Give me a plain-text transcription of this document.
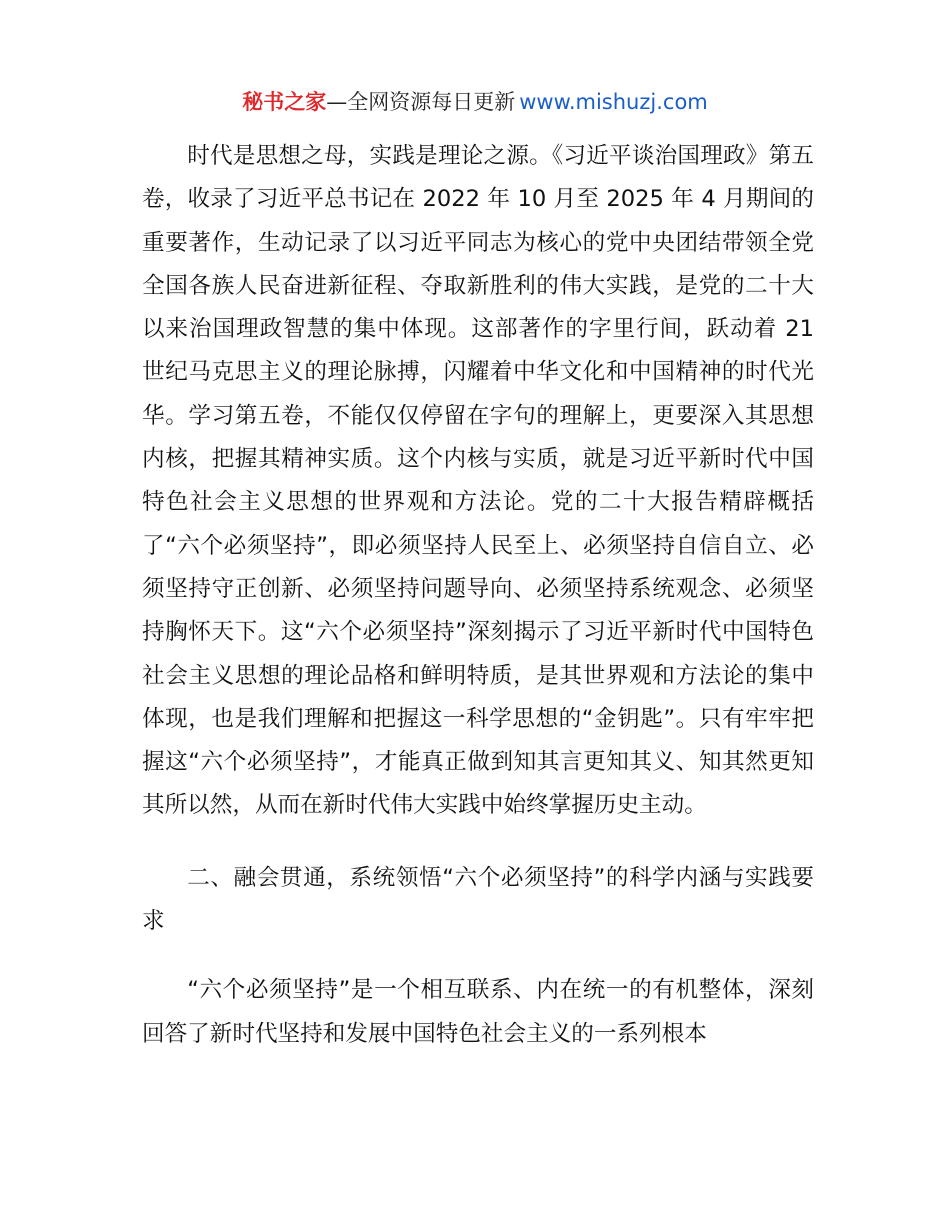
秘书之家—全网资源每日更新 www.mishuzj.com

时代是思想之母，实践是理论之源。《习近平谈治国理政》第五卷，收录了习近平总书记在 2022 年 10 月至 2025 年 4 月期间的重要著作，生动记录了以习近平同志为核心的党中央团结带领全党全国各族人民奋进新征程、夺取新胜利的伟大实践，是党的二十大以来治国理政智慧的集中体现。这部著作的字里行间，跃动着 21 世纪马克思主义的理论脉搏，闪耀着中华文化和中国精神的时代光华。学习第五卷，不能仅仅停留在字句的理解上，更要深入其思想内核，把握其精神实质。这个内核与实质，就是习近平新时代中国特色社会主义思想的世界观和方法论。党的二十大报告精辟概括了“六个必须坚持”，即必须坚持人民至上、必须坚持自信自立、必须坚持守正创新、必须坚持问题导向、必须坚持系统观念、必须坚持胸怀天下。这“六个必须坚持”深刻揭示了习近平新时代中国特色社会主义思想的理论品格和鲜明特质，是其世界观和方法论的集中体现，也是我们理解和把握这一科学思想的“金钥匙”。只有牢牢把握这“六个必须坚持”，才能真正做到知其言更知其义、知其然更知其所以然，从而在新时代伟大实践中始终掌握历史主动。

二、融会贯通，系统领悟“六个必须坚持”的科学内涵与实践要求

“六个必须坚持”是一个相互联系、内在统一的有机整体，深刻回答了新时代坚持和发展中国特色社会主义的一系列根本
